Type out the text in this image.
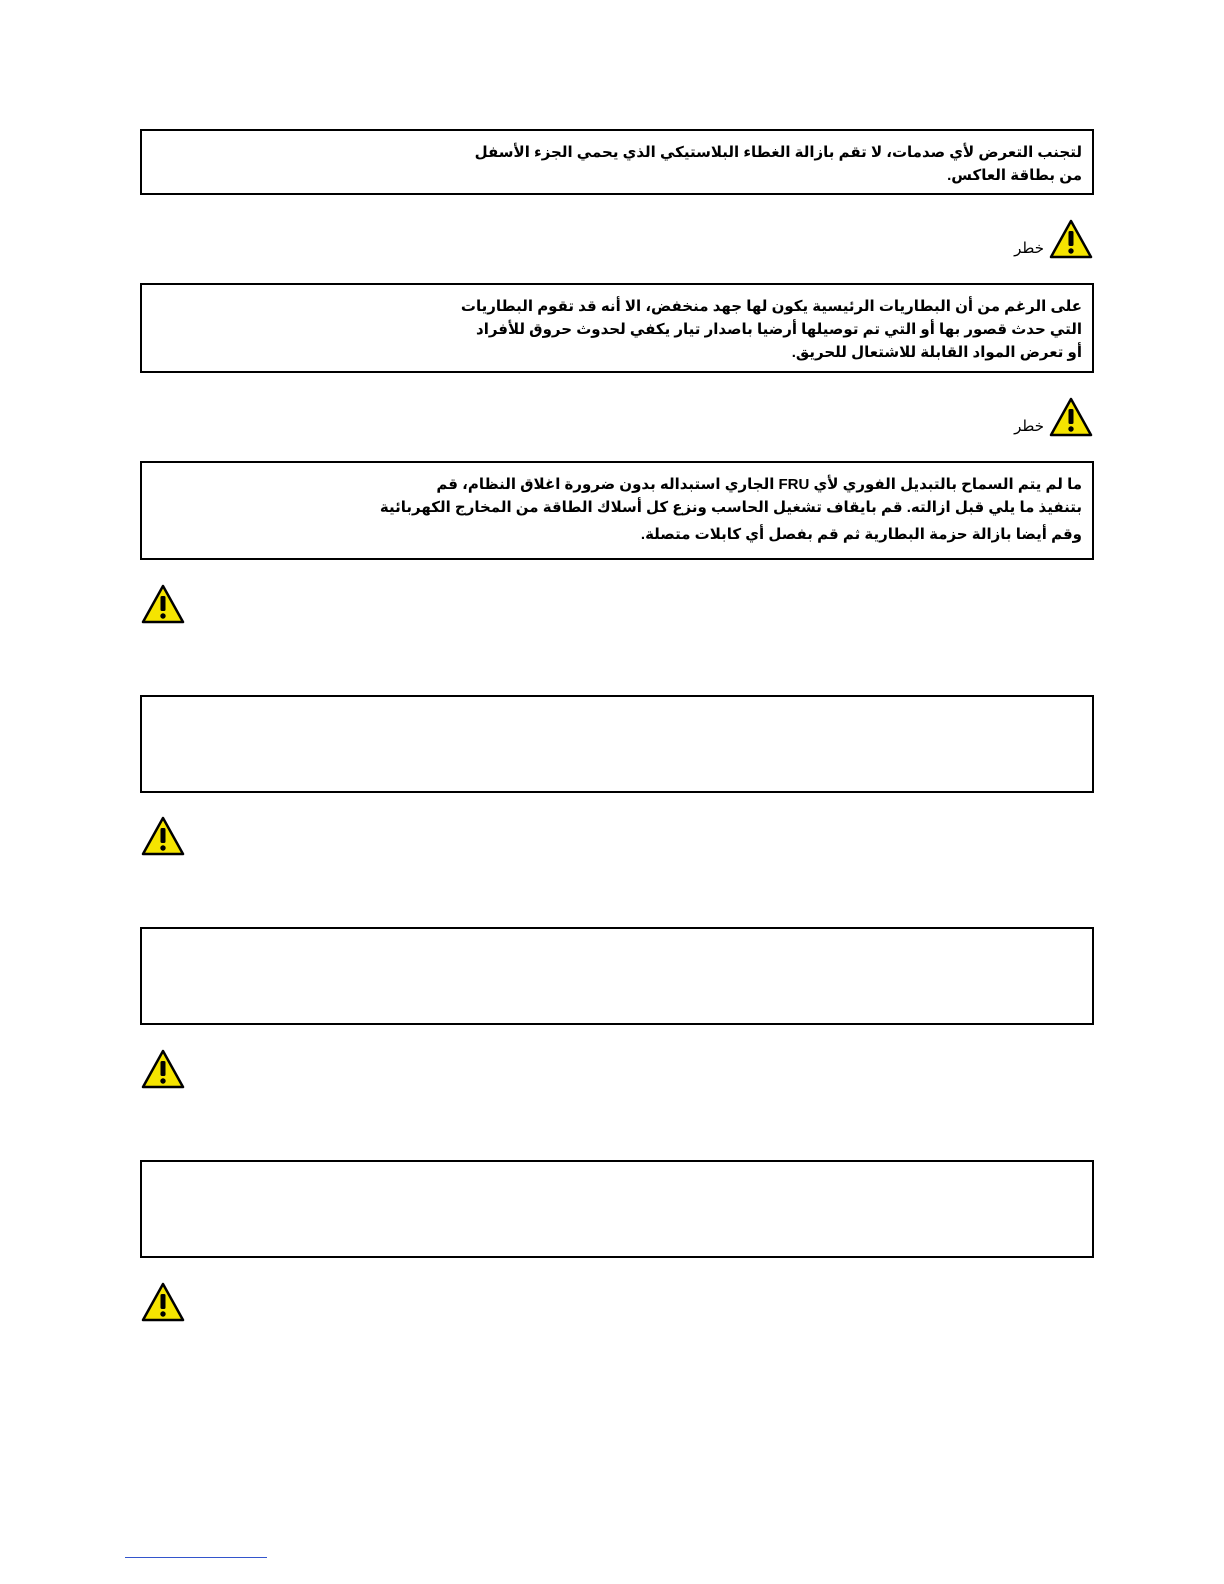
لتجنب التعرض لأي صدمات، لا تقم بازالة الغطاء البلاستيكي الذي يحمي الجزء الأسفل
من بطاقة العاكس.
خطر
على الرغم من أن البطاريات الرئيسية يكون لها جهد منخفض، الا أنه قد تقوم البطاريات
التي حدث قصور بها أو التي تم توصيلها أرضيا باصدار تيار يكفي لحدوث حروق للأفراد
أو تعرض المواد القابلة للاشتعال للحريق.
خطر
ما لم يتم السماح بالتبديل الفوري لأي FRU الجاري استبداله بدون ضرورة اغلاق النظام، قم
بتنفيذ ما يلي قبل ازالته. قم بايقاف تشغيل الحاسب ونزع كل أسلاك الطاقة من المخارج الكهربائية
وقم أيضا بازالة حزمة البطارية ثم قم بفصل أي كابلات متصلة.
